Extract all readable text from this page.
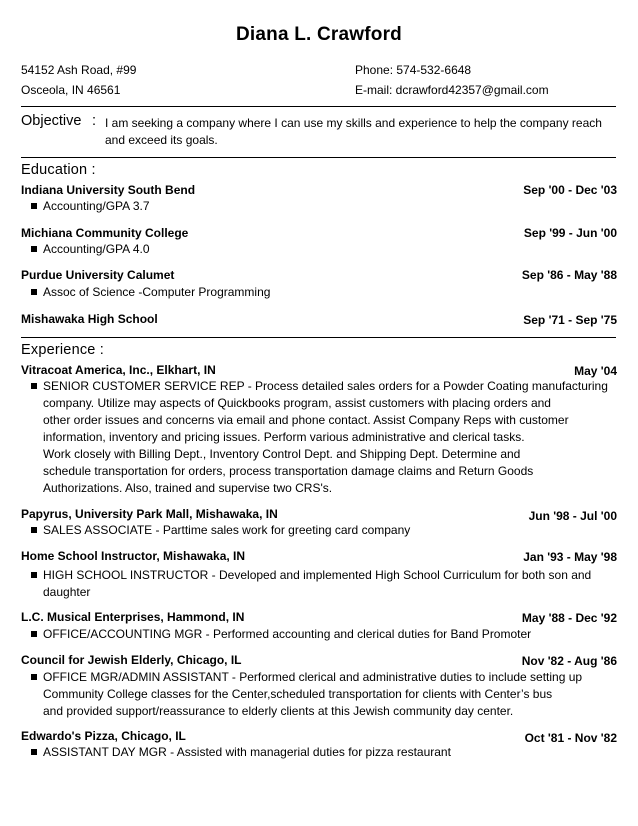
Diana L. Crawford
54152 Ash Road, #99
Osceola, IN 46561
Phone: 574-532-6648
E-mail: dcrawford42357@gmail.com
Objective : I am seeking a company where I can use my skills and experience to help the company reach and exceed its goals.
Education :
Indiana University South Bend	Sep '00 - Dec '03
Accounting/GPA 3.7
Michiana Community College	Sep '99 - Jun '00
Accounting/GPA 4.0
Purdue University Calumet	Sep '86 - May '88
Assoc of Science -Computer Programming
Mishawaka High School	Sep '71 - Sep '75
Experience :
Vitracoat America, Inc., Elkhart, IN	May '04
SENIOR CUSTOMER SERVICE REP - Process detailed sales orders for a Powder Coating manufacturing
company. Utilize may aspects of Quickbooks program, assist customers with placing orders and
other order issues and concerns via email and phone contact. Assist Company Reps with customer
information, inventory and pricing issues. Perform various administrative and clerical tasks.
Work closely with Billing Dept., Inventory Control Dept. and Shipping Dept. Determine and
schedule transportation for orders, process transportation damage claims and Return Goods
Authorizations. Also, trained and supervise two CRS's.
Papyrus, University Park Mall, Mishawaka, IN	Jun '98 - Jul '00
SALES ASSOCIATE - Parttime sales work for greeting card company
Home School Instructor, Mishawaka, IN	Jan '93 - May '98
HIGH SCHOOL INSTRUCTOR - Developed and implemented High School Curriculum for both son and
daughter
L.C. Musical Enterprises, Hammond, IN	May '88 - Dec '92
OFFICE/ACCOUNTING MGR - Performed accounting and clerical duties for Band Promoter
Council for Jewish Elderly, Chicago, IL	Nov '82 - Aug '86
OFFICE MGR/ADMIN ASSISTANT - Performed clerical and administrative duties to include setting up
Community College classes for the Center,scheduled transportation for clients with Center’s bus
and provided support/reassurance to elderly clients at this Jewish community day center.
Edwardo's Pizza, Chicago, IL	Oct '81 - Nov '82
ASSISTANT DAY MGR - Assisted with managerial duties for pizza restaurant
